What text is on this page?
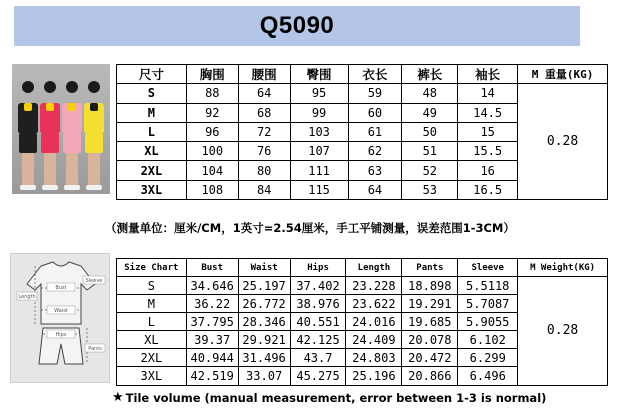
Q5090
尺寸	胸围	腰围	臀围	衣长	裤长	袖长	M 重量(KG)
S	88	64	95	59	48	14	0.28
M	92	68	99	60	49	14.5	
L	96	72	103	61	50	15	
XL	100	76	107	62	51	15.5	
2XL	104	80	111	63	52	16	
3XL	108	84	115	64	53	16.5	
（测量单位：厘米/CM，1英寸=2.54厘米，手工平铺测量，误差范围1-3CM）
Bust
Length
Waist
Hips
Sleeve
Pants
Size Chart	Bust	Waist	Hips	Length	Pants	Sleeve	M Weight(KG)
S	34.646	25.197	37.402	23.228	18.898	5.5118	0.28
M	36.22	26.772	38.976	23.622	19.291	5.7087	
L	37.795	28.346	40.551	24.016	19.685	5.9055	
XL	39.37	29.921	42.125	24.409	20.078	6.102	
2XL	40.944	31.496	43.7	24.803	20.472	6.299	
3XL	42.519	33.07	45.275	25.196	20.866	6.496	
★ Tile volume (manual measurement, error between 1-3 is normal)
